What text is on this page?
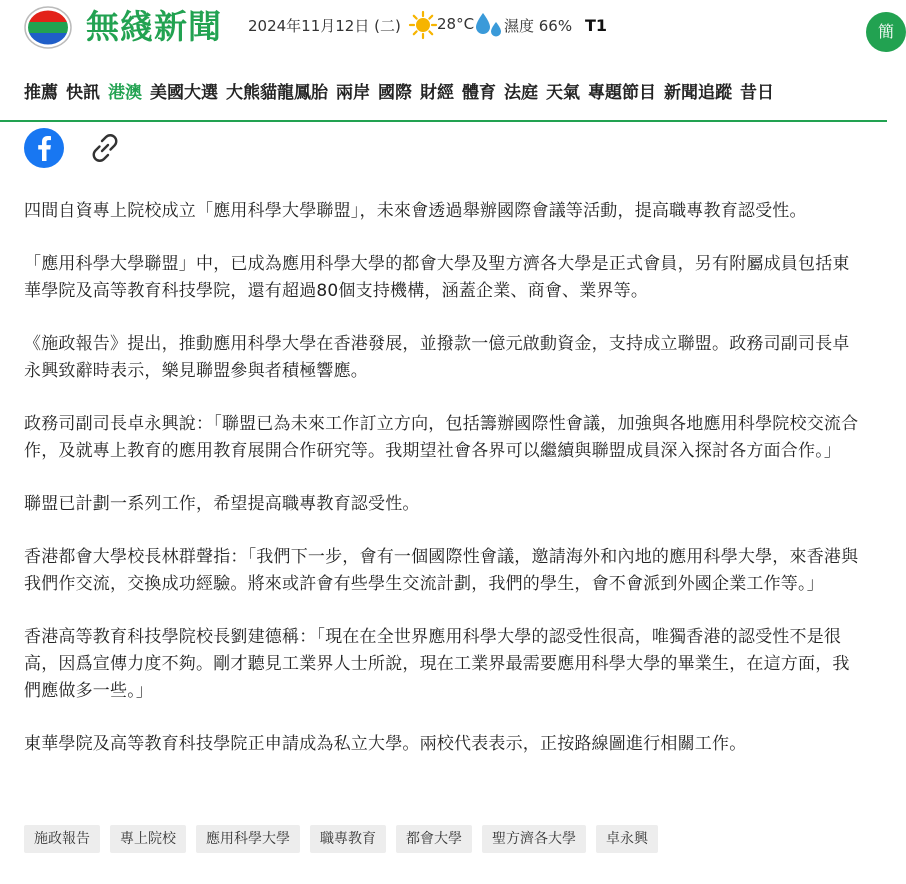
無綫新聞 2024年11月12日 (二) 28°C 濕度 66% T1	簡
推薦 快訊 港澳 美國大選 大熊貓龍鳳胎 兩岸 國際 財經 體育 法庭 天氣 專題節目 新聞追蹤 昔日

四間自資專上院校成立「應用科學大學聯盟」，未來會透過舉辦國際會議等活動，提高職專教育認受性。

「應用科學大學聯盟」中，已成為應用科學大學的都會大學及聖方濟各大學是正式會員，另有附屬成員包括東華學院及高等教育科技學院，還有超過80個支持機構，涵蓋企業、商會、業界等。

《施政報告》提出，推動應用科學大學在香港發展，並撥款一億元啟動資金，支持成立聯盟。政務司副司長卓永興致辭時表示，樂見聯盟參與者積極響應。

政務司副司長卓永興說：「聯盟已為未來工作訂立方向，包括籌辦國際性會議，加強與各地應用科學院校交流合作，及就專上教育的應用教育展開合作研究等。我期望社會各界可以繼續與聯盟成員深入探討各方面合作。」

聯盟已計劃一系列工作，希望提高職專教育認受性。

香港都會大學校長林群聲指：「我們下一步，會有一個國際性會議，邀請海外和內地的應用科學大學，來香港與我們作交流，交換成功經驗。將來或許會有些學生交流計劃，我們的學生，會不會派到外國企業工作等。」

香港高等教育科技學院校長劉建德稱：「現在在全世界應用科學大學的認受性很高，唯獨香港的認受性不是很高，因爲宣傳力度不夠。剛才聽見工業界人士所說，現在工業界最需要應用科學大學的畢業生，在這方面，我們應做多一些。」

東華學院及高等教育科技學院正申請成為私立大學。兩校代表表示，正按路線圖進行相關工作。

施政報告 專上院校 應用科學大學 職專教育 都會大學 聖方濟各大學 卓永興
